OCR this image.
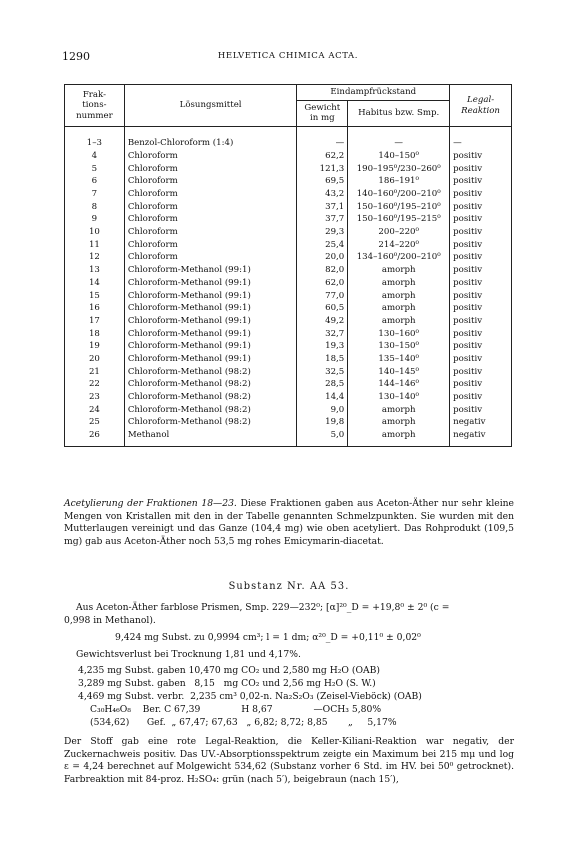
1290	HELVETICA CHIMICA ACTA.
Frak-
tions-
nummer	Lösungsmittel	Eindampfrückstand		Legal-
Reaktion
		Gewicht
in mg	Habitus bzw. Smp.	

1–3	Benzol-Chloroform (1:4)	—	—	—
4	Chloroform	62,2	140–150⁰	positiv
5	Chloroform	121,3	190–195⁰/230–260⁰	positiv
6	Chloroform	69,5	186–191⁰	positiv
7	Chloroform	43,2	140–160⁰/200–210⁰	positiv
8	Chloroform	37,1	150–160⁰/195–210⁰	positiv
9	Chloroform	37,7	150–160⁰/195–215⁰	positiv
10	Chloroform	29,3	200–220⁰	positiv
11	Chloroform	25,4	214–220⁰	positiv
12	Chloroform	20,0	134–160⁰/200–210⁰	positiv
13	Chloroform-Methanol (99:1)	82,0	amorph	positiv
14	Chloroform-Methanol (99:1)	62,0	amorph	positiv
15	Chloroform-Methanol (99:1)	77,0	amorph	positiv
16	Chloroform-Methanol (99:1)	60,5	amorph	positiv
17	Chloroform-Methanol (99:1)	49,2	amorph	positiv
18	Chloroform-Methanol (99:1)	32,7	130–160⁰	positiv
19	Chloroform-Methanol (99:1)	19,3	130–150⁰	positiv
20	Chloroform-Methanol (99:1)	18,5	135–140⁰	positiv
21	Chloroform-Methanol (98:2)	32,5	140–145⁰	positiv
22	Chloroform-Methanol (98:2)	28,5	144–146⁰	positiv
23	Chloroform-Methanol (98:2)	14,4	130–140⁰	positiv
24	Chloroform-Methanol (98:2)	9,0	amorph	positiv
25	Chloroform-Methanol (98:2)	19,8	amorph	negativ
26	Methanol	5,0	amorph	negativ
Acetylierung der Fraktionen 18—23. Diese Fraktionen gaben aus Aceton-Äther nur sehr kleine Mengen von Kristallen mit den in der Tabelle genannten Schmelzpunkten. Sie wurden mit den Mutterlaugen vereinigt und das Ganze (104,4 mg) wie oben acetyliert. Das Rohprodukt (109,5 mg) gab aus Aceton-Äther noch 53,5 mg rohes Emicymarin-diacetat.
Substanz Nr. AA 53.
Aus Aceton-Äther farblose Prismen, Smp. 229—232⁰; [α]²⁰_D = +19,8⁰ ± 2⁰ (c =
0,998 in Methanol).
9,424 mg Subst. zu 0,9994 cm³; l = 1 dm; α²⁰_D = +0,11⁰ ± 0,02⁰
Gewichtsverlust bei Trocknung 1,81 und 4,17%.
4,235 mg Subst. gaben 10,470 mg CO₂ und 2,580 mg H₂O (OAB)
3,289 mg Subst. gaben   8,15   mg CO₂ und 2,56 mg H₂O (S. W.)
4,469 mg Subst. verbr.  2,235 cm³ 0,02-n. Na₂S₂O₃ (Zeisel-Vieböck) (OAB)
C₃₀H₄₆O₈    Ber. C 67,39              H 8,67              —OCH₃ 5,80%
(534,62)      Gef.  „ 67,47; 67,63   „ 6,82; 8,72; 8,85       „     5,17%
Der Stoff gab eine rote Legal-Reaktion, die Keller-Kiliani-Reaktion war negativ, der Zuckernachweis positiv. Das UV.-Absorptionsspektrum zeigte ein Maximum bei 215 mμ und log ε = 4,24 berechnet auf Molgewicht 534,62 (Substanz vorher 6 Std. im HV. bei 50⁰ getrocknet). Farbreaktion mit 84-proz. H₂SO₄: grün (nach 5′), beigebraun (nach 15′),
